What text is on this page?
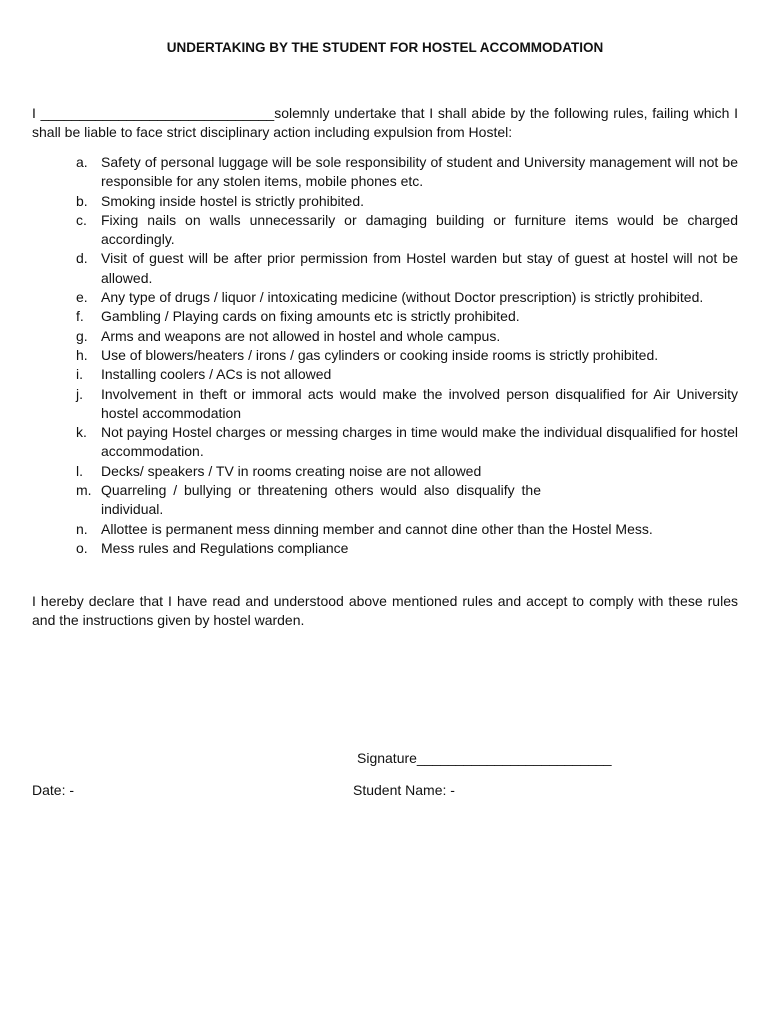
UNDERTAKING BY THE STUDENT FOR HOSTEL ACCOMMODATION

I ______________________________solemnly undertake that I shall abide by the following rules, failing which I shall be liable to face strict disciplinary action including expulsion from Hostel:

a. Safety of personal luggage will be sole responsibility of student and University management will not be responsible for any stolen items, mobile phones etc.
b. Smoking inside hostel is strictly prohibited.
c.	Fixing nails on walls unnecessarily or damaging building or furniture items would be charged accordingly.
d. Visit of guest will be after prior permission from Hostel warden but stay of guest at hostel will not be allowed.
e. Any type of drugs / liquor / intoxicating medicine (without Doctor prescription) is strictly prohibited.
f.	Gambling / Playing cards on fixing amounts etc is strictly prohibited.
g. Arms and weapons are not allowed in hostel and whole campus.
h. Use of blowers/heaters / irons / gas cylinders or cooking inside rooms is strictly prohibited.
i.	Installing coolers / ACs is not allowed
j.	Involvement in theft or immoral acts would make the involved person disqualified for Air University hostel accommodation
k.	Not paying Hostel charges or messing charges in time would make the individual disqualified for hostel accommodation.
l.	Decks/ speakers / TV in rooms creating noise are not allowed
m. Quarreling / bullying or threatening others would also disqualify the individual.
n. Allottee is permanent mess dinning member and cannot dine other than the Hostel Mess.
o. Mess rules and Regulations compliance

I hereby declare that I have read and understood above mentioned rules and accept to comply with these rules and the instructions given by hostel warden.

Signature_________________________
Date: -	Student Name: -
